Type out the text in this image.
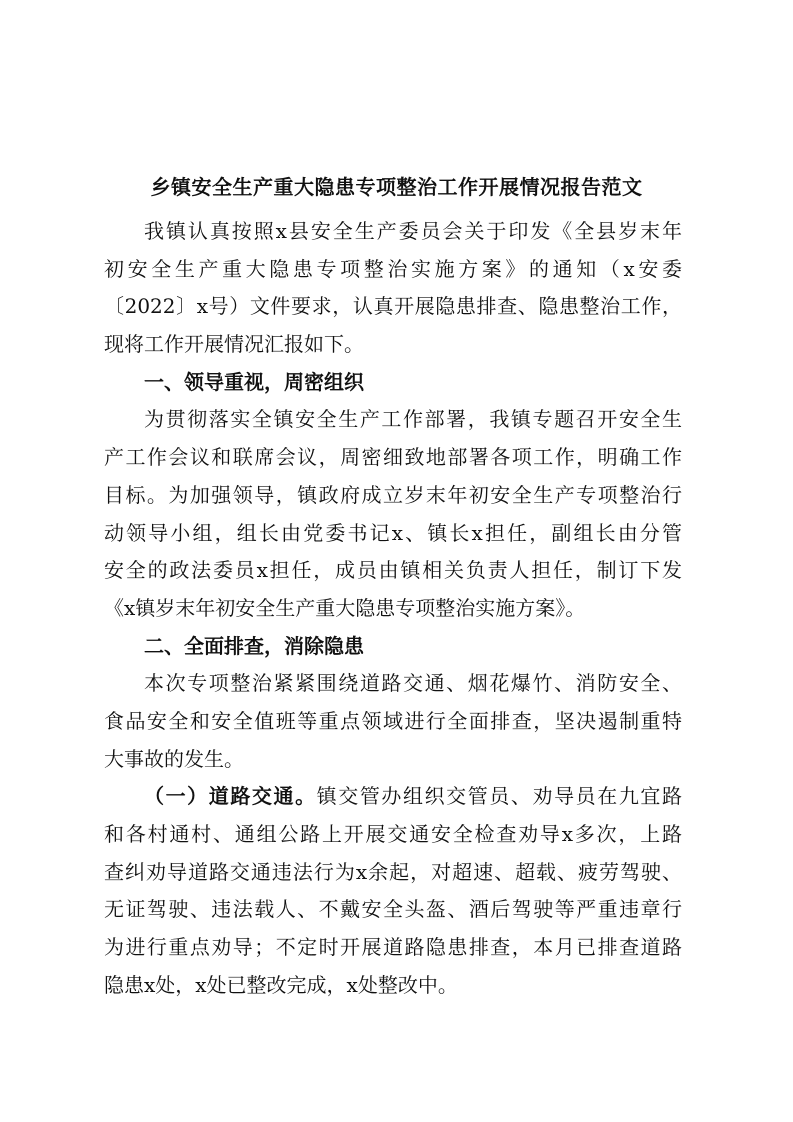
乡镇安全生产重大隐患专项整治工作开展情况报告范文
我镇认真按照x县安全生产委员会关于印发《全县岁末年
初安全生产重大隐患专项整治实施方案》的通知（x安委
〔2022〕x号）文件要求，认真开展隐患排查、隐患整治工作，
现将工作开展情况汇报如下。
一、领导重视，周密组织
为贯彻落实全镇安全生产工作部署，我镇专题召开安全生
产工作会议和联席会议，周密细致地部署各项工作，明确工作
目标。为加强领导，镇政府成立岁末年初安全生产专项整治行
动领导小组，组长由党委书记x、镇长x担任，副组长由分管
安全的政法委员x担任，成员由镇相关负责人担任，制订下发
《x镇岁末年初安全生产重大隐患专项整治实施方案》。
二、全面排查，消除隐患
本次专项整治紧紧围绕道路交通、烟花爆竹、消防安全、
食品安全和安全值班等重点领域进行全面排查，坚决遏制重特
大事故的发生。
（一）道路交通。镇交管办组织交管员、劝导员在九宜路
和各村通村、通组公路上开展交通安全检查劝导x多次，上路
查纠劝导道路交通违法行为x余起，对超速、超载、疲劳驾驶、
无证驾驶、违法载人、不戴安全头盔、酒后驾驶等严重违章行
为进行重点劝导；不定时开展道路隐患排查，本月已排查道路
隐患x处，x处已整改完成，x处整改中。
